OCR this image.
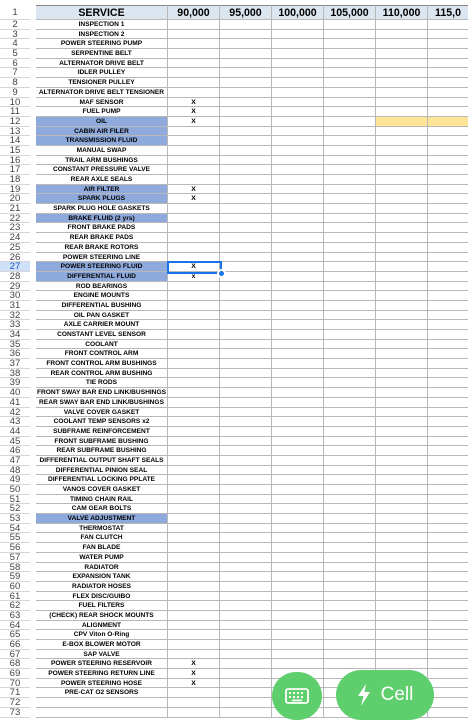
1	SERVICE	90,000	95,000	100,000	105,000	110,000	115,0
2	INSPECTION 1
3	INSPECTION 2
4	POWER STEERING PUMP
5	SERPENTINE BELT
6	ALTERNATOR DRIVE BELT
7	IDLER PULLEY
8	TENSIONER PULLEY
9	ALTERNATOR DRIVE BELT TENSIONER
10	MAF SENSOR	X
11	FUEL PUMP	X
12	OIL	X
13	CABIN AIR FILER
14	TRANSMISSION FLUID
15	MANUAL SWAP
16	TRAIL ARM BUSHINGS
17	CONSTANT PRESSURE VALVE
18	REAR AXLE SEALS
19	AIR FILTER	X
20	SPARK PLUGS	X
21	SPARK PLUG HOLE GASKETS
22	BRAKE FLUID (2 yrs)
23	FRONT BRAKE PADS
24	REAR BRAKE PADS
25	REAR BRAKE ROTORS
26	POWER STEERING LINE
27	POWER STEERING FLUID	X
28	DIFFERENTIAL FLUID	x
29	ROD BEARINGS
30	ENGINE MOUNTS
31	DIFFERENTIAL BUSHING
32	OIL PAN GASKET
33	AXLE CARRIER MOUNT
34	CONSTANT LEVEL SENSOR
35	COOLANT
36	FRONT CONTROL ARM
37	FRONT CONTROL ARM BUSHINGS
38	REAR CONTROL ARM BUSHING
39	TIE RODS
40	FRONT SWAY BAR END LINK/BUSHINGS
41	REAR SWAY BAR END LINK/BUSHINGS
42	VALVE COVER GASKET
43	COOLANT TEMP SENSORS x2
44	SUBFRAME REINFORCEMENT
45	FRONT SUBFRAME BUSHING
46	REAR SUBFRAME BUSHING
47	DIFFERENTIAL OUTPUT SHAFT SEALS
48	DIFFERENTIAL PINION SEAL
49	DIFFERENTIAL LOCKING PPLATE
50	VANOS COVER GASKET
51	TIMING CHAIN RAIL
52	CAM GEAR BOLTS
53	VALVE ADJUSTMENT
54	THERMOSTAT
55	FAN CLUTCH
56	FAN BLADE
57	WATER PUMP
58	RADIATOR
59	EXPANSION TANK
60	RADIATOR HOSES
61	FLEX DISC/GUIBO
62	FUEL FILTERS
63	(CHECK) REAR SHOCK MOUNTS
64	ALIGNMENT
65	CPV Viton O-Ring
66	E-BOX BLOWER MOTOR
67	SAP VALVE
68	POWER STEERING RESERVOIR	X
69	POWER STEERING RETURN LINE	X
70	POWER STEERING HOSE	X
71	PRE-CAT O2 SENSORS
72
73
Cell
